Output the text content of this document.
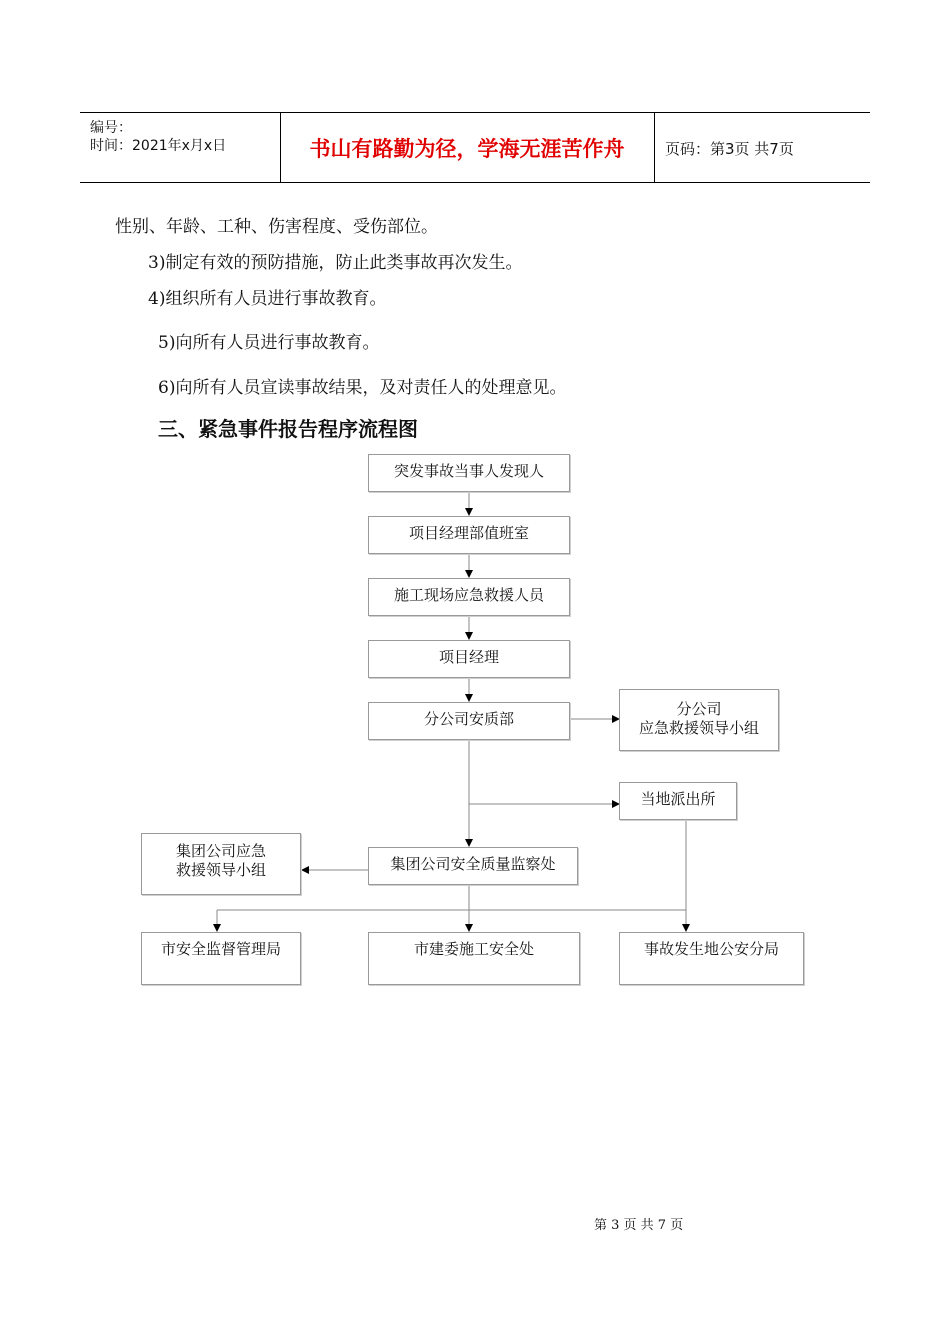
编号：
时间：2021年x月x日	书山有路勤为径，学海无涯苦作舟	页码：第3页 共7页
性别、年龄、工种、伤害程度、受伤部位。
3)制定有效的预防措施，防止此类事故再次发生。
4)组织所有人员进行事故教育。
5)向所有人员进行事故教育。
6)向所有人员宣读事故结果，及对责任人的处理意见。
三、紧急事件报告程序流程图
突发事故当事人发现人
项目经理部值班室
施工现场应急救援人员
项目经理
分公司安质部
分公司
应急救援领导小组
当地派出所
集团公司应急
救援领导小组	集团公司安全质量监察处
市安全监督管理局	市建委施工安全处	事故发生地公安分局
第 3 页 共 7 页
